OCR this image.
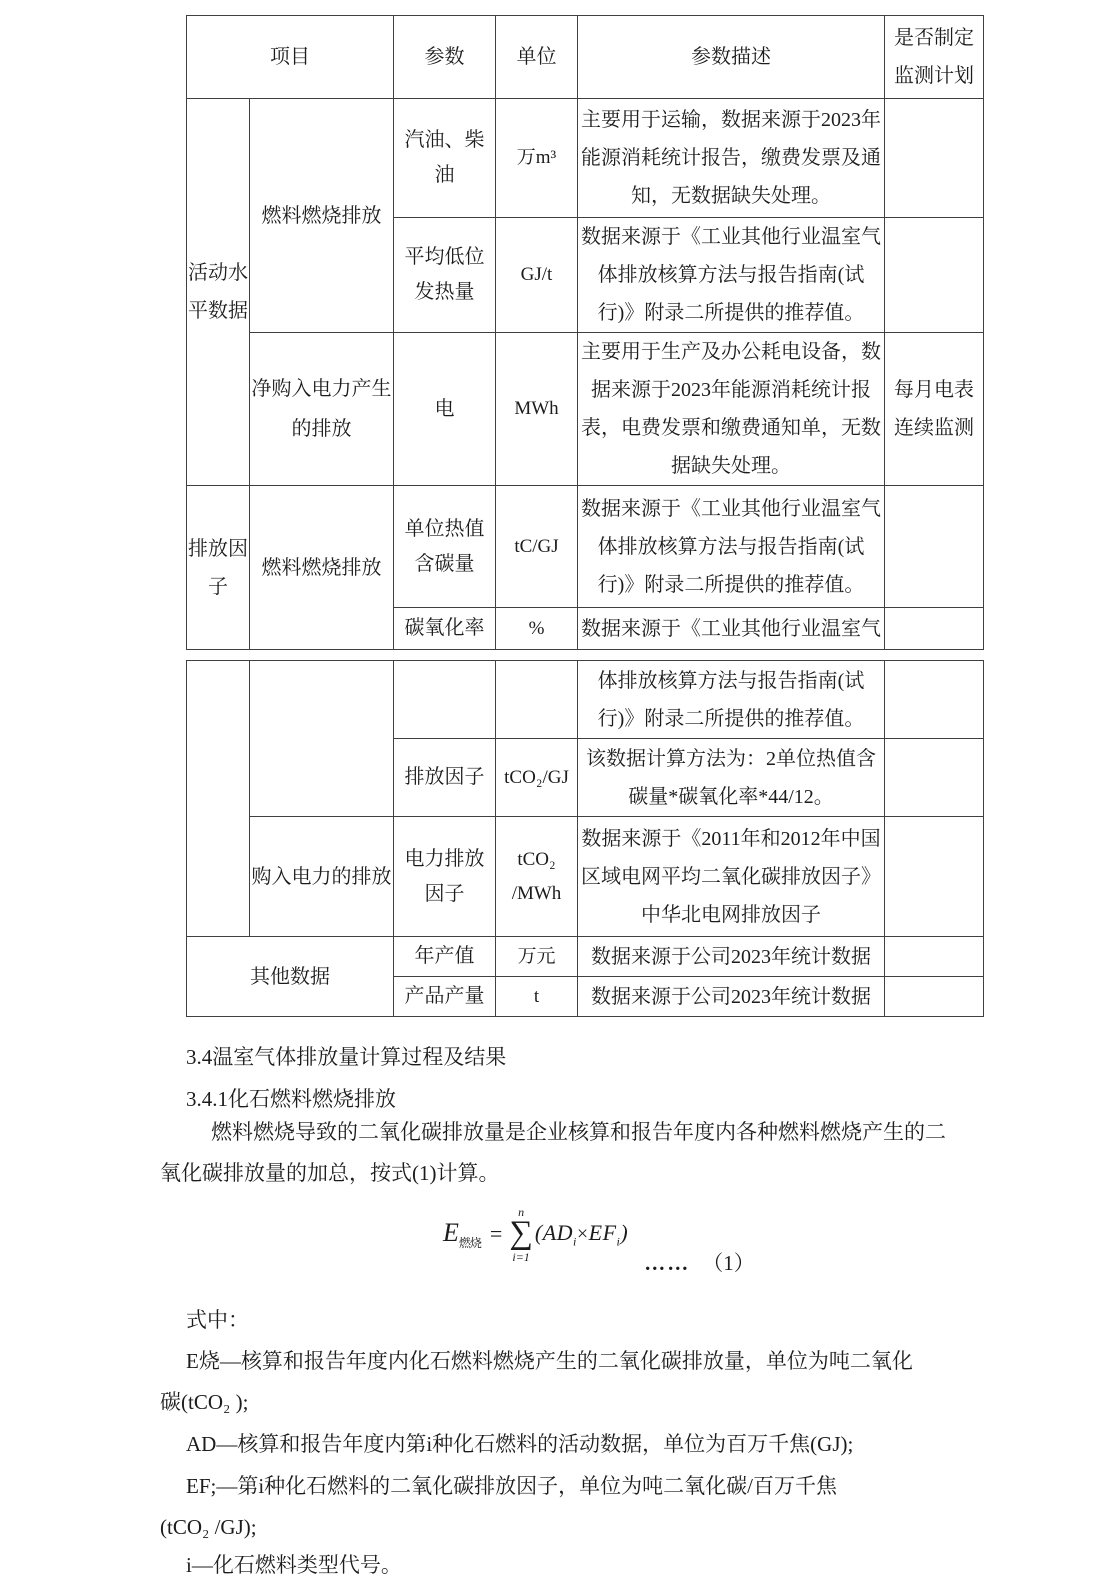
项目		参数	单位	参数描述	是否制定监测计划
活动水平数据	燃料燃烧排放	汽油、柴油	万m³	主要用于运输，数据来源于2023年能源消耗统计报告，缴费发票及通知，无数据缺失处理。	
		平均低位发热量	GJ/t	数据来源于《工业其他行业温室气体排放核算方法与报告指南(试行)》附录二所提供的推荐值。	
	净购入电力产生的排放	电	MWh	主要用于生产及办公耗电设备，数据来源于2023年能源消耗统计报表，电费发票和缴费通知单，无数据缺失处理。	每月电表连续监测
排放因子	燃料燃烧排放	单位热值含碳量	tC/GJ	数据来源于《工业其他行业温室气体排放核算方法与报告指南(试行)》附录二所提供的推荐值。	
		碳氧化率	%	数据来源于《工业其他行业温室气	
				体排放核算方法与报告指南(试行)》附录二所提供的推荐值。	
		排放因子	tCO₂/GJ	该数据计算方法为：2单位热值含碳量*碳氧化率*44/12。	
	购入电力的排放	电力排放因子	tCO₂ /MWh	数据来源于《2011年和2012年中国区域电网平均二氧化碳排放因子》中华北电网排放因子	
其他数据		年产值	万元	数据来源于公司2023年统计数据	
		产品产量	t	数据来源于公司2023年统计数据	
3.4温室气体排放量计算过程及结果
3.4.1化石燃料燃烧排放
燃料燃烧导致的二氧化碳排放量是企业核算和报告年度内各种燃料燃烧产生的二
氧化碳排放量的加总，按式(1)计算。
$E_{燃烧}$ =
n
∑
i=1
$(AD_i\times EF_i)$
…… （1）
式中：
E烧—核算和报告年度内化石燃料燃烧产生的二氧化碳排放量，单位为吨二氧化
碳(tCO₂ );
AD—核算和报告年度内第i种化石燃料的活动数据，单位为百万千焦(GJ);
EF;—第i种化石燃料的二氧化碳排放因子，单位为吨二氧化碳/百万千焦
(tCO₂ /GJ);
i—化石燃料类型代号。
